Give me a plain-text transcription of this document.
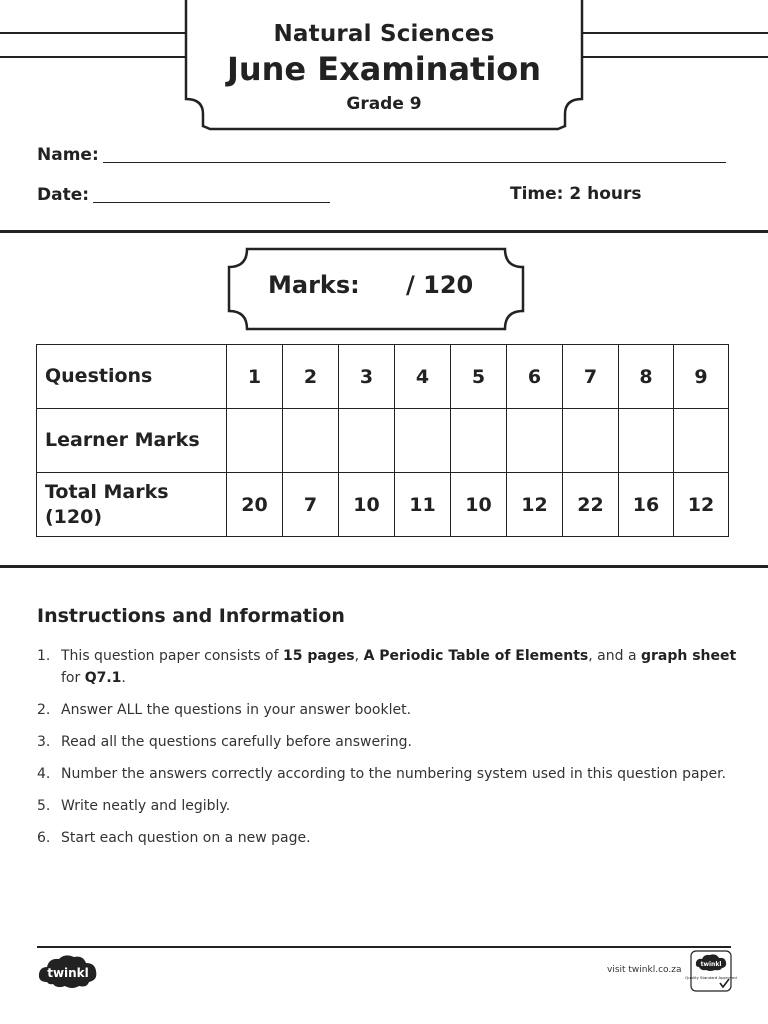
Natural Sciences
June Examination
Grade 9
Name:
Date:	Time: 2 hours
Marks: / 120
Questions	1	2	3	4	5	6	7	8	9
Learner Marks									
Total Marks (120)	20	7	10	11	10	12	22	16	12
Instructions and Information
1. This question paper consists of 15 pages, A Periodic Table of Elements, and a graph sheet for Q7.1.
2. Answer ALL the questions in your answer booklet.
3. Read all the questions carefully before answering.
4. Number the answers correctly according to the numbering system used in this question paper.
5. Write neatly and legibly.
6. Start each question on a new page.
twinkl	visit twinkl.co.za
twinkl
Quality Standard Approved
